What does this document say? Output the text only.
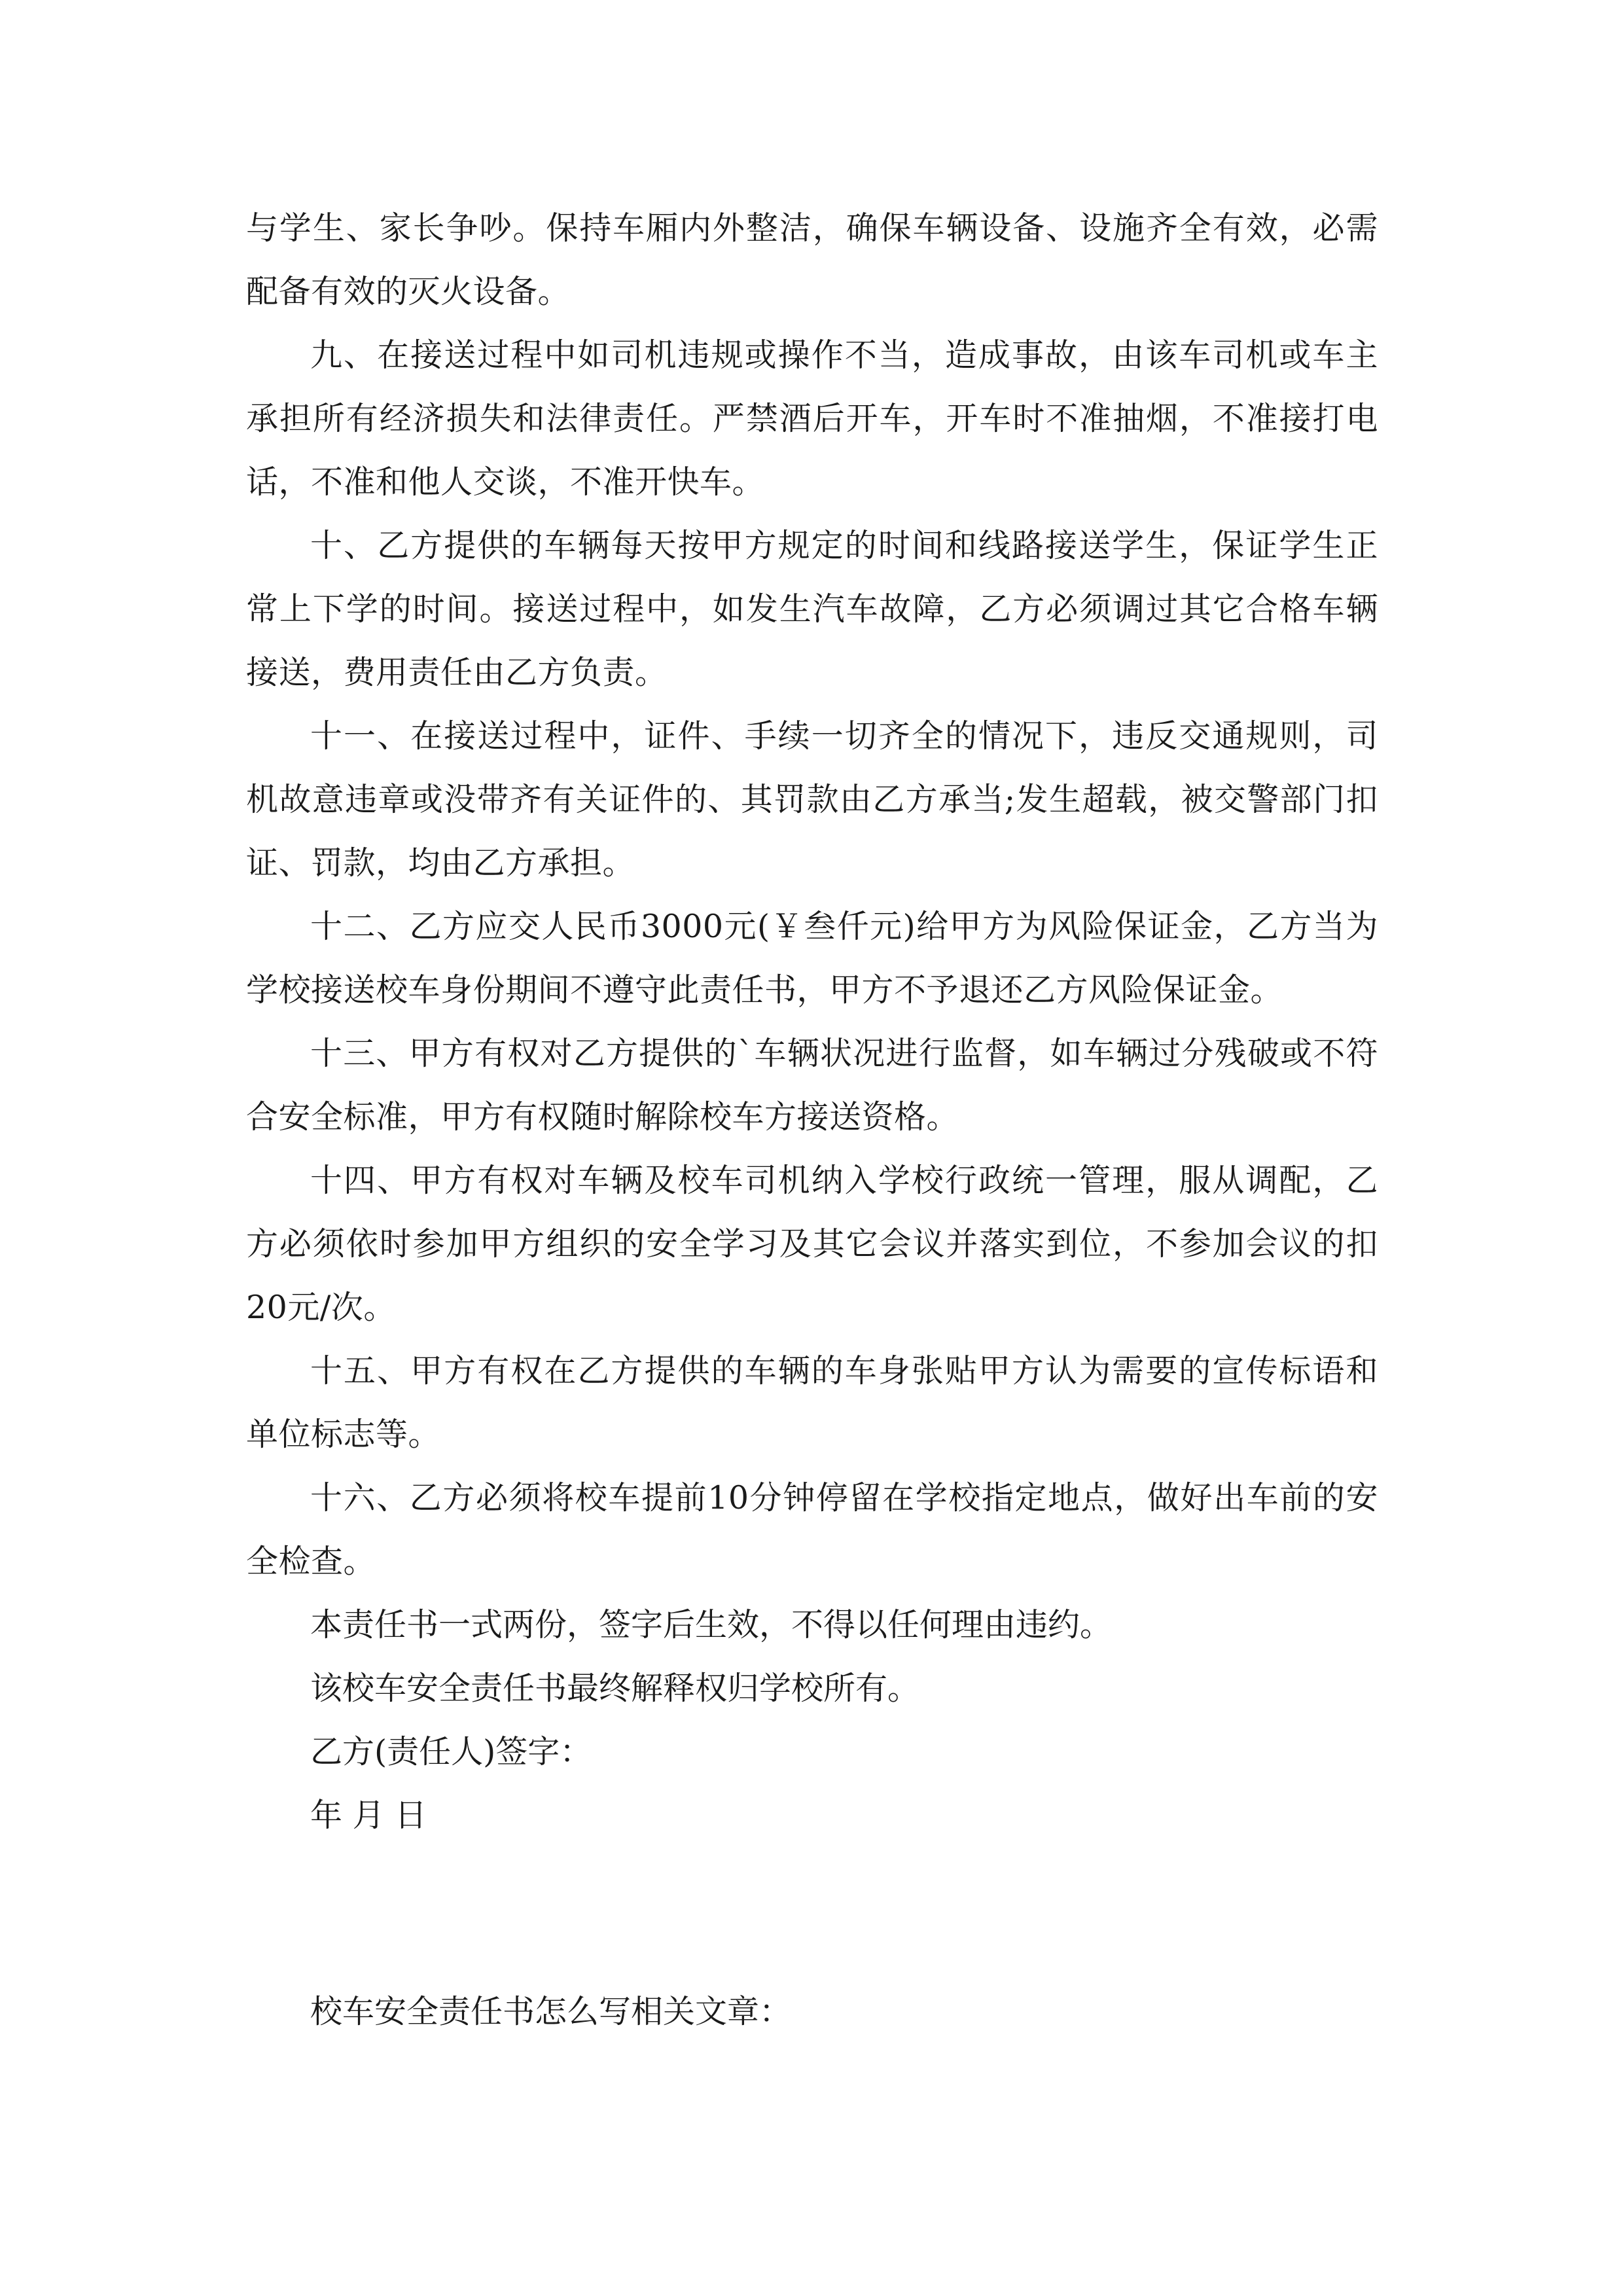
与学生、家长争吵。保持车厢内外整洁，确保车辆设备、设施齐全有效，必需配备有效的灭火设备。

九、在接送过程中如司机违规或操作不当，造成事故，由该车司机或车主承担所有经济损失和法律责任。严禁酒后开车，开车时不准抽烟，不准接打电话，不准和他人交谈，不准开快车。

十、乙方提供的车辆每天按甲方规定的时间和线路接送学生，保证学生正常上下学的时间。接送过程中，如发生汽车故障，乙方必须调过其它合格车辆接送，费用责任由乙方负责。

十一、在接送过程中，证件、手续一切齐全的情况下，违反交通规则，司机故意违章或没带齐有关证件的、其罚款由乙方承当;发生超载，被交警部门扣证、罚款，均由乙方承担。

十二、乙方应交人民币3000元(￥叁仟元)给甲方为风险保证金，乙方当为学校接送校车身份期间不遵守此责任书，甲方不予退还乙方风险保证金。

十三、甲方有权对乙方提供的`车辆状况进行监督，如车辆过分残破或不符合安全标准，甲方有权随时解除校车方接送资格。

十四、甲方有权对车辆及校车司机纳入学校行政统一管理，服从调配，乙方必须依时参加甲方组织的安全学习及其它会议并落实到位，不参加会议的扣20元/次。

十五、甲方有权在乙方提供的车辆的车身张贴甲方认为需要的宣传标语和单位标志等。

十六、乙方必须将校车提前10分钟停留在学校指定地点，做好出车前的安全检查。

本责任书一式两份，签字后生效，不得以任何理由违约。

该校车安全责任书最终解释权归学校所有。

乙方(责任人)签字：

年 月 日

校车安全责任书怎么写相关文章：
